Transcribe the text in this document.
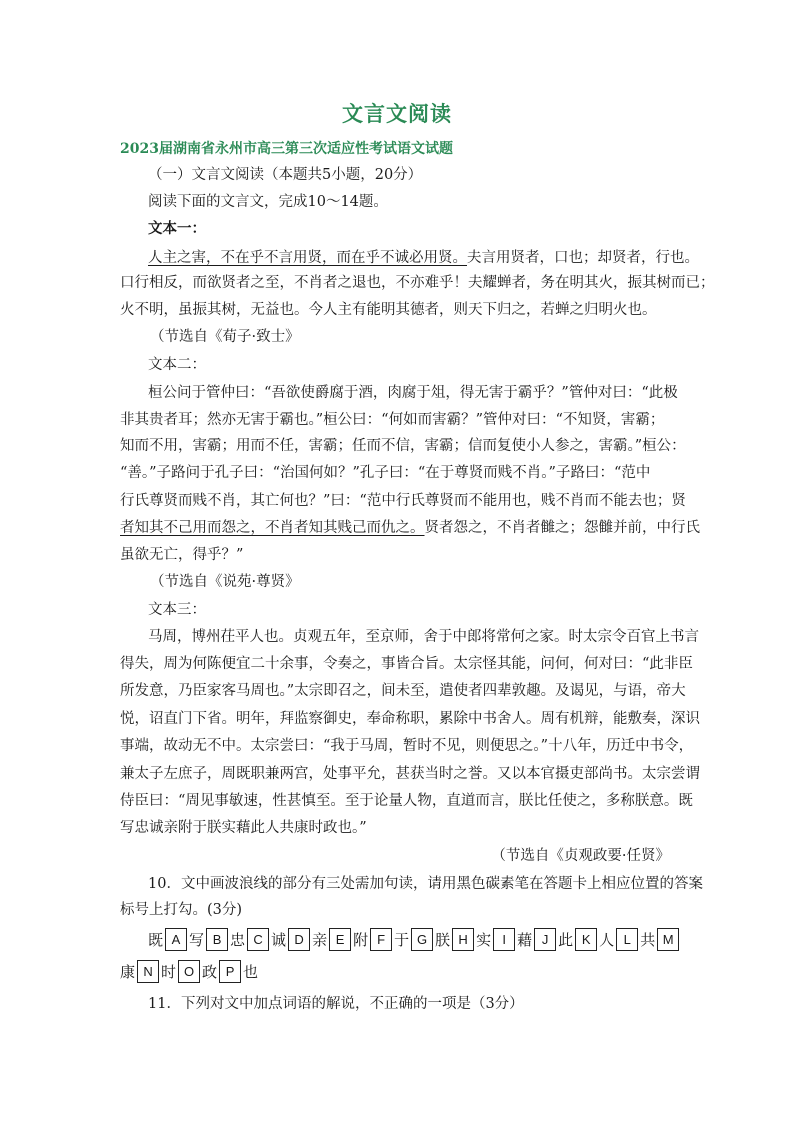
文言文阅读
2023届湖南省永州市高三第三次适应性考试语文试题
（一）文言文阅读（本题共5小题，20分）
阅读下面的文言文，完成10～14题。
文本一：
人主之害，不在乎不言用贤，而在乎不诚必用贤。夫言用贤者，口也；却贤者，行也。
口行相反，而欲贤者之至，不肖者之退也，不亦难乎！夫耀蝉者，务在明其火，振其树而已；
火不明，虽振其树，无益也。今人主有能明其德者，则天下归之，若蝉之归明火也。
（节选自《荀子·致士》
文本二：
桓公问于管仲曰：“吾欲使爵腐于酒，肉腐于俎，得无害于霸乎？”管仲对曰：“此极
非其贵者耳；然亦无害于霸也。”桓公曰：“何如而害霸？”管仲对曰：“不知贤，害霸；
知而不用，害霸；用而不任，害霸；任而不信，害霸；信而复使小人参之，害霸。”桓公：
“善。”子路问于孔子曰：“治国何如？”孔子曰：“在于尊贤而贱不肖。”子路曰：“范中
行氏尊贤而贱不肖，其亡何也？”曰：“范中行氏尊贤而不能用也，贱不肖而不能去也；贤
者知其不己用而怨之，不肖者知其贱己而仇之。贤者怨之，不肖者雠之；怨雠并前，中行氏
虽欲无亡，得乎？”
（节选自《说苑·尊贤》
文本三：
马周，博州茌平人也。贞观五年，至京师，舍于中郎将常何之家。时太宗令百官上书言
得失，周为何陈便宜二十余事，令奏之，事皆合旨。太宗怪其能，问何，何对曰：“此非臣
所发意，乃臣家客马周也。”太宗即召之，间未至，遣使者四辈敦趣。及谒见，与语，帝大
悦，诏直门下省。明年，拜监察御史，奉命称职，累除中书舍人。周有机辩，能敷奏，深识
事端，故动无不中。太宗尝曰：“我于马周，暂时不见，则便思之。”十八年，历迁中书令，
兼太子左庶子，周既职兼两宫，处事平允，甚获当时之誉。又以本官摄吏部尚书。太宗尝谓
侍臣曰：“周见事敏速，性甚慎至。至于论量人物，直道而言，朕比任使之，多称朕意。既
写忠诚亲附于朕实藉此人共康时政也。”
（节选自《贞观政要·任贤》
10．文中画波浪线的部分有三处需加句读，请用黑色碳素笔在答题卡上相应位置的答案
标号上打勾。(3分)
既 A 写 B 忠 C 诚 D 亲 E 附 F 于 G 朕 H 实 I 藉 J 此 K 人 L 共 M
康 N 时 O 政 P 也
11．下列对文中加点词语的解说，不正确的一项是（3分）
